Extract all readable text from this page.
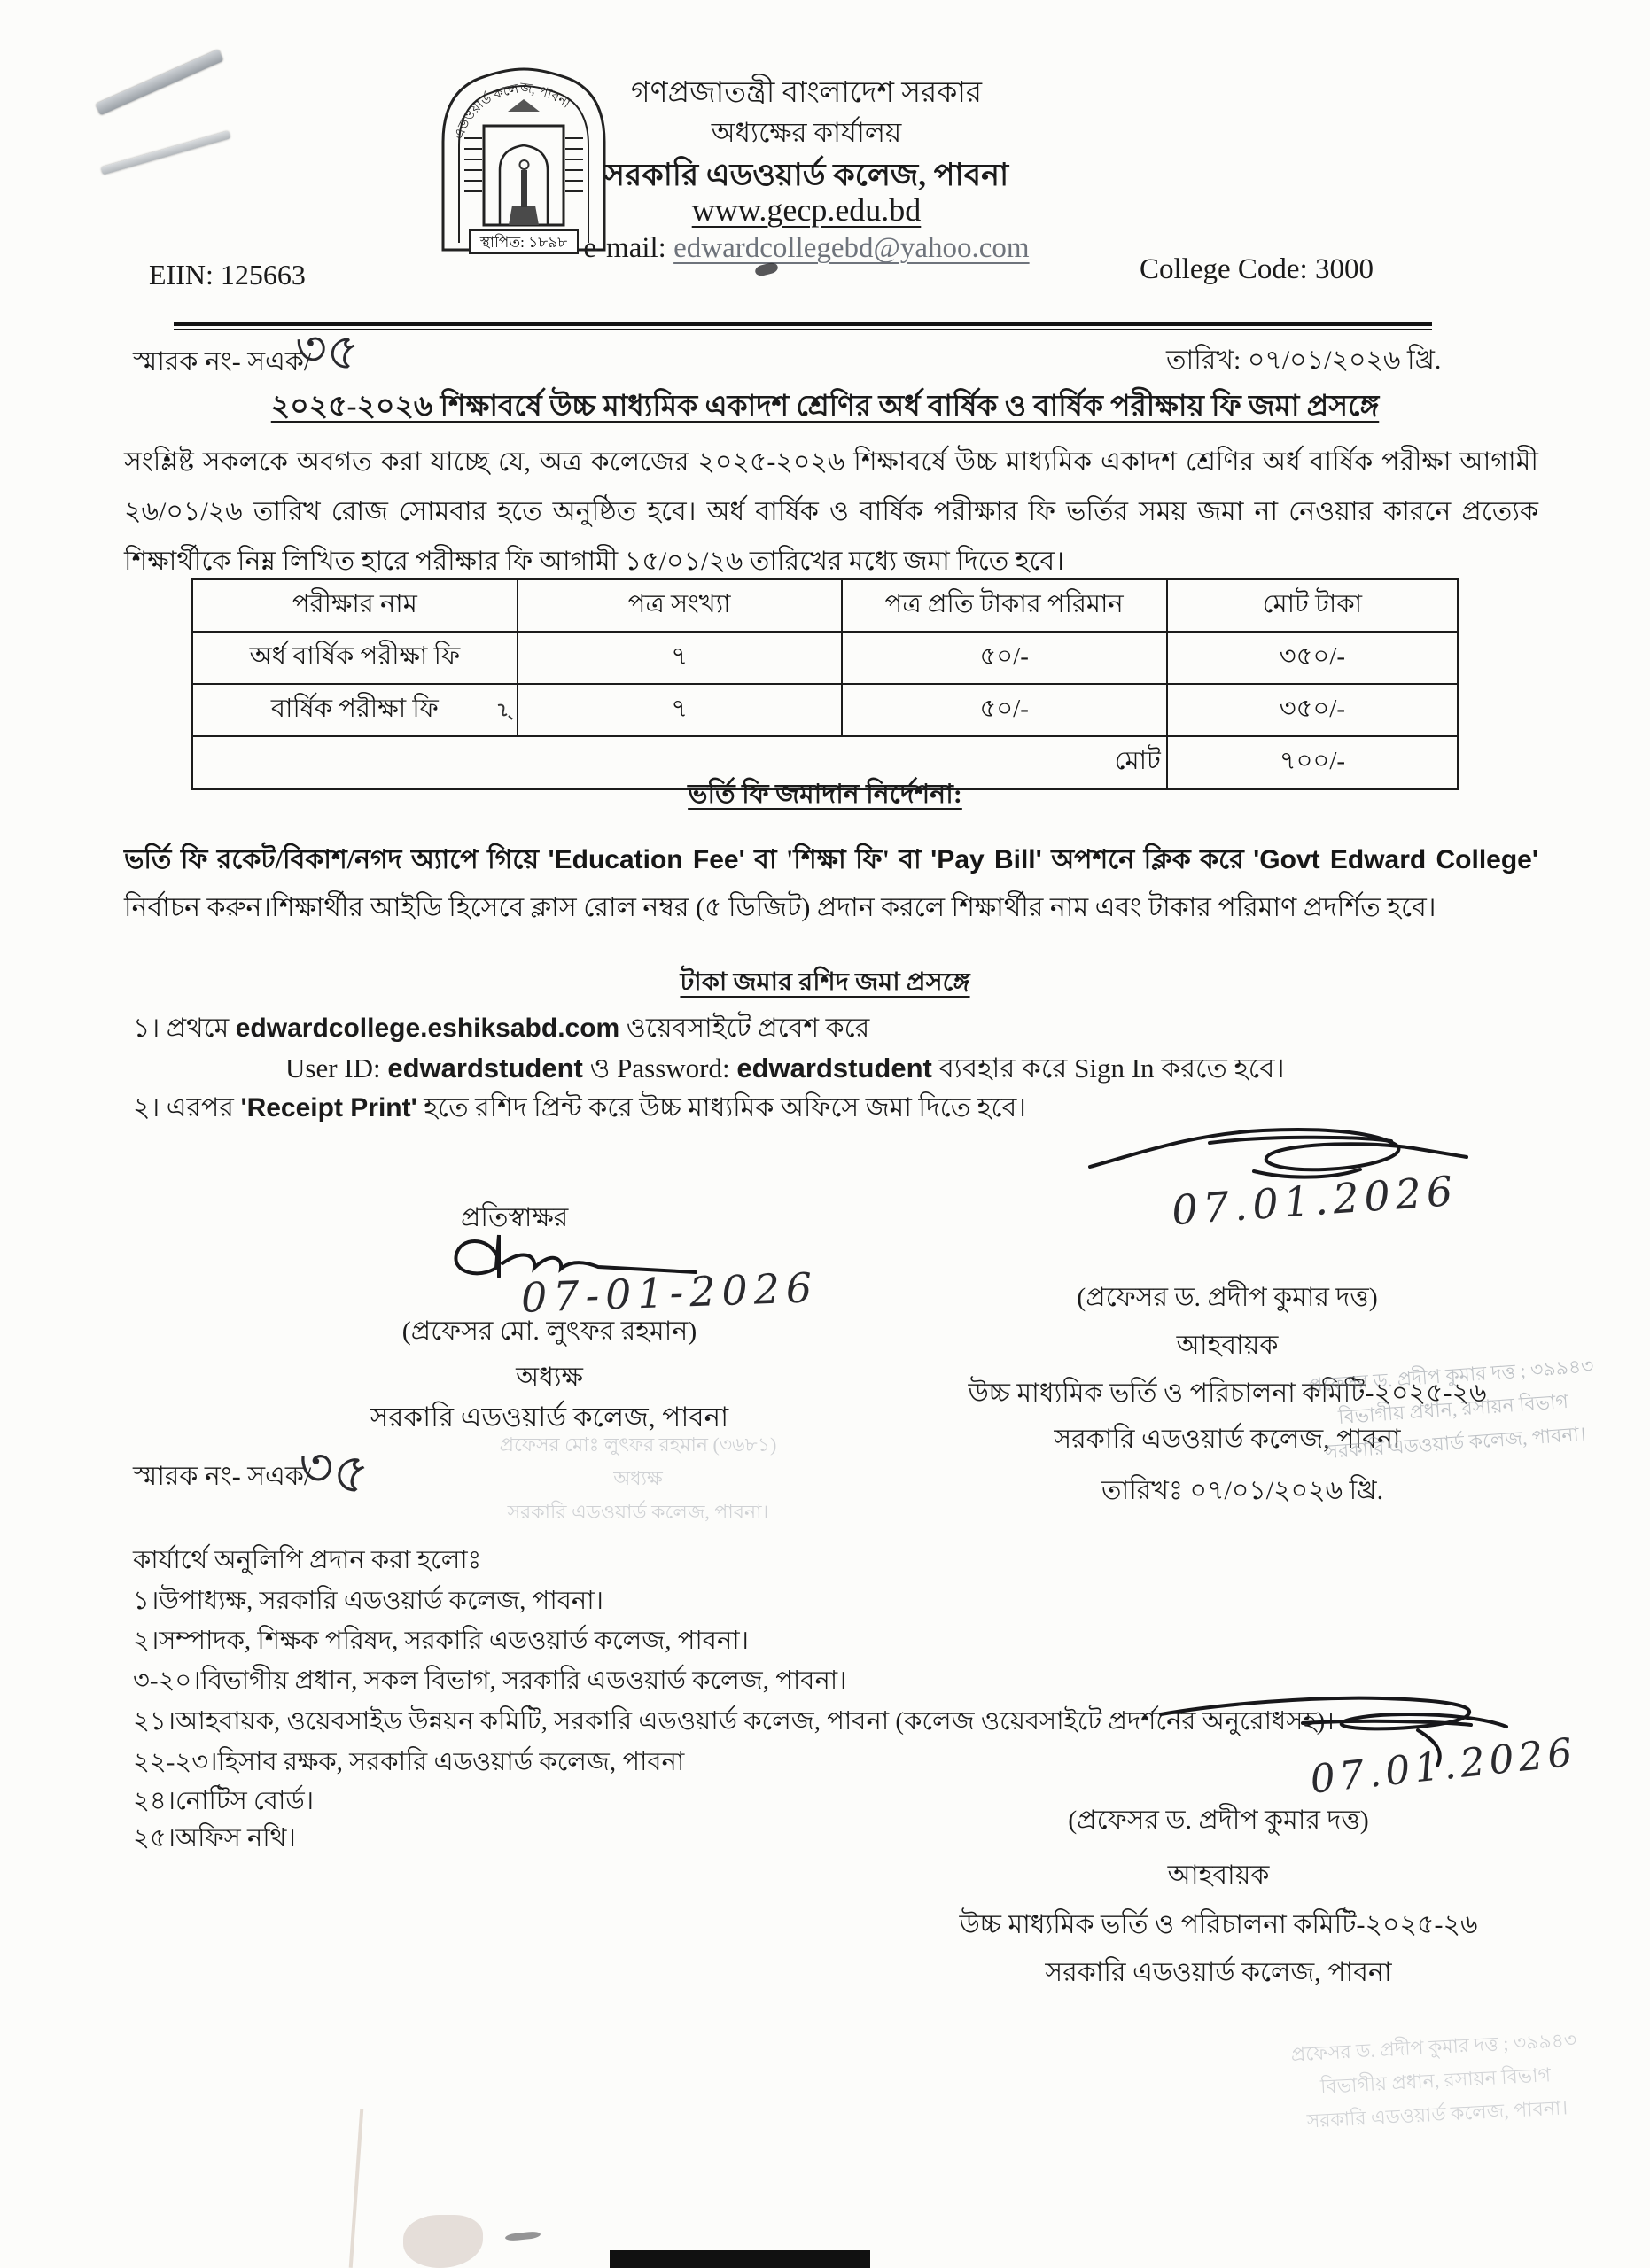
এডওয়ার্ড কলেজ, পাবনা
স্থাপিত: ১৮৯৮
গণপ্রজাতন্ত্রী বাংলাদেশ সরকার
অধ্যক্ষের কার্যালয়
সরকারি এডওয়ার্ড কলেজ, পাবনা
www.gecp.edu.bd
e-mail: edwardcollegebd@yahoo.com
EIIN: 125663	College Code: 3000
স্মারক নং- সএক/
৩৫	তারিখ: ০৭/০১/২০২৬ খ্রি.
২০২৫-২০২৬ শিক্ষাবর্ষে উচ্চ মাধ্যমিক একাদশ শ্রেণির অর্ধ বার্ষিক ও বার্ষিক পরীক্ষায় ফি জমা প্রসঙ্গে
সংশ্লিষ্ট সকলকে অবগত করা যাচ্ছে যে, অত্র কলেজের ২০২৫-২০২৬ শিক্ষাবর্ষে উচ্চ মাধ্যমিক একাদশ শ্রেণির অর্ধ বার্ষিক পরীক্ষা আগামী ২৬/০১/২৬ তারিখ রোজ সোমবার হতে অনুষ্ঠিত হবে। অর্ধ বার্ষিক ও বার্ষিক পরীক্ষার ফি ভর্তির সময় জমা না নেওয়ার কারনে প্রত্যেক শিক্ষার্থীকে নিম্ন লিখিত হারে পরীক্ষার ফি আগামী ১৫/০১/২৬ তারিখের মধ্যে জমা দিতে হবে।
পরীক্ষার নাম	পত্র সংখ্যা	পত্র প্রতি টাকার পরিমান	মোট টাকা
অর্ধ বার্ষিক পরীক্ষা ফি	৭	৫০/-	৩৫০/-
বার্ষিক পরীক্ষা ফি	৭	৫০/-	৩৫০/-
মোট			৭০০/-
ভর্তি ফি জমাদান নির্দেশনা:
ভর্তি ফি রকেট/বিকাশ/নগদ অ্যাপে গিয়ে 'Education Fee' বা 'শিক্ষা ফি' বা 'Pay Bill' অপশনে ক্লিক করে 'Govt Edward College' নির্বাচন করুন।শিক্ষার্থীর আইডি হিসেবে ক্লাস রোল নম্বর (৫ ডিজিট) প্রদান করলে শিক্ষার্থীর নাম এবং টাকার পরিমাণ প্রদর্শিত হবে।
টাকা জমার রশিদ জমা প্রসঙ্গে
১। প্রথমে edwardcollege.eshiksabd.com ওয়েবসাইটে প্রবেশ করে
User ID: edwardstudent ও Password: edwardstudent ব্যবহার করে Sign In করতে হবে।
২। এরপর 'Receipt Print' হতে রশিদ প্রিন্ট করে উচ্চ মাধ্যমিক অফিসে জমা দিতে হবে।
07.01.2026
(প্রফেসর ড. প্রদীপ কুমার দত্ত)
আহবায়ক
উচ্চ মাধ্যমিক ভর্তি ও পরিচালনা কমিটি-২০২৫-২৬
সরকারি এডওয়ার্ড কলেজ, পাবনা
প্রফেসর ড. প্রদীপ কুমার দত্ত ; ৩৯৯৪৩
বিভাগীয় প্রধান, রসায়ন বিভাগ
সরকারি এডওয়ার্ড কলেজ, পাবনা।
তারিখঃ ০৭/০১/২০২৬ খ্রি.
প্রতিস্বাক্ষর
07-01-2026
(প্রফেসর মো. লুৎফর রহমান)
অধ্যক্ষ
সরকারি এডওয়ার্ড কলেজ, পাবনা
প্রফেসর মোঃ লুৎফর রহমান (৩৬৮১)
অধ্যক্ষ
সরকারি এডওয়ার্ড কলেজ, পাবনা।
স্মারক নং- সএক/
৩৫
কার্যার্থে অনুলিপি প্রদান করা হলোঃ
১।উপাধ্যক্ষ, সরকারি এডওয়ার্ড কলেজ, পাবনা।
২।সম্পাদক, শিক্ষক পরিষদ, সরকারি এডওয়ার্ড কলেজ, পাবনা।
৩-২০।বিভাগীয় প্রধান, সকল বিভাগ, সরকারি এডওয়ার্ড কলেজ, পাবনা।
২১।আহবায়ক, ওয়েবসাইড উন্নয়ন কমিটি, সরকারি এডওয়ার্ড কলেজ, পাবনা (কলেজ ওয়েবসাইটে প্রদর্শনের অনুরোধসহ)।
২২-২৩।হিসাব রক্ষক, সরকারি এডওয়ার্ড কলেজ, পাবনা
২৪।নোটিস বোর্ড।
২৫।অফিস নথি।
07.01.2026
(প্রফেসর ড. প্রদীপ কুমার দত্ত)
আহবায়ক
উচ্চ মাধ্যমিক ভর্তি ও পরিচালনা কমিটি-২০২৫-২৬
সরকারি এডওয়ার্ড কলেজ, পাবনা
প্রফেসর ড. প্রদীপ কুমার দত্ত ; ৩৯৯৪৩
বিভাগীয় প্রধান, রসায়ন বিভাগ
সরকারি এডওয়ার্ড কলেজ, পাবনা।
